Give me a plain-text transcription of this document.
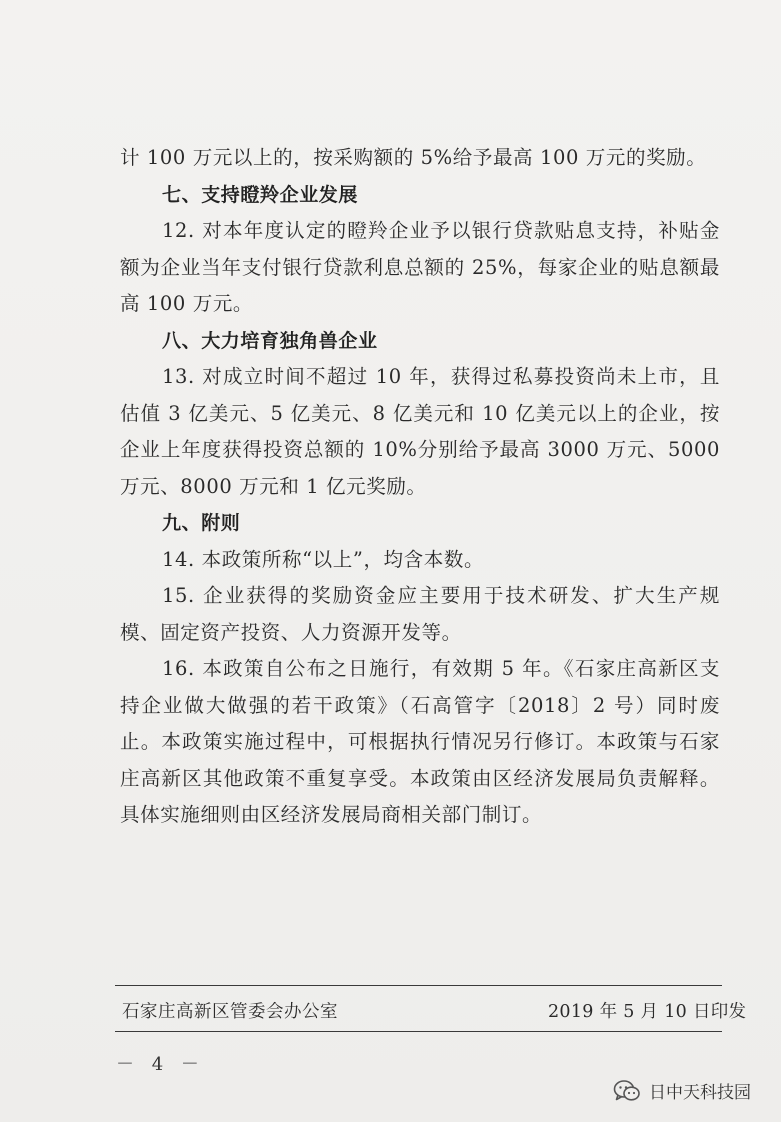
计 100 万元以上的，按采购额的 5%给予最高 100 万元的奖励。

七、支持瞪羚企业发展

12. 对本年度认定的瞪羚企业予以银行贷款贴息支持，补贴金额为企业当年支付银行贷款利息总额的 25%，每家企业的贴息额最高 100 万元。

八、大力培育独角兽企业

13. 对成立时间不超过 10 年，获得过私募投资尚未上市，且估值 3 亿美元、5 亿美元、8 亿美元和 10 亿美元以上的企业，按企业上年度获得投资总额的 10%分别给予最高 3000 万元、5000 万元、8000 万元和 1 亿元奖励。

九、附则

14. 本政策所称“以上”，均含本数。

15. 企业获得的奖励资金应主要用于技术研发、扩大生产规模、固定资产投资、人力资源开发等。

16. 本政策自公布之日施行，有效期 5 年。《石家庄高新区支持企业做大做强的若干政策》（石高管字〔2018〕2 号）同时废止。本政策实施过程中，可根据执行情况另行修订。本政策与石家庄高新区其他政策不重复享受。本政策由区经济发展局负责解释。具体实施细则由区经济发展局商相关部门制订。

石家庄高新区管委会办公室	2019 年 5 月 10 日印发
－ 4 －
日中天科技园
